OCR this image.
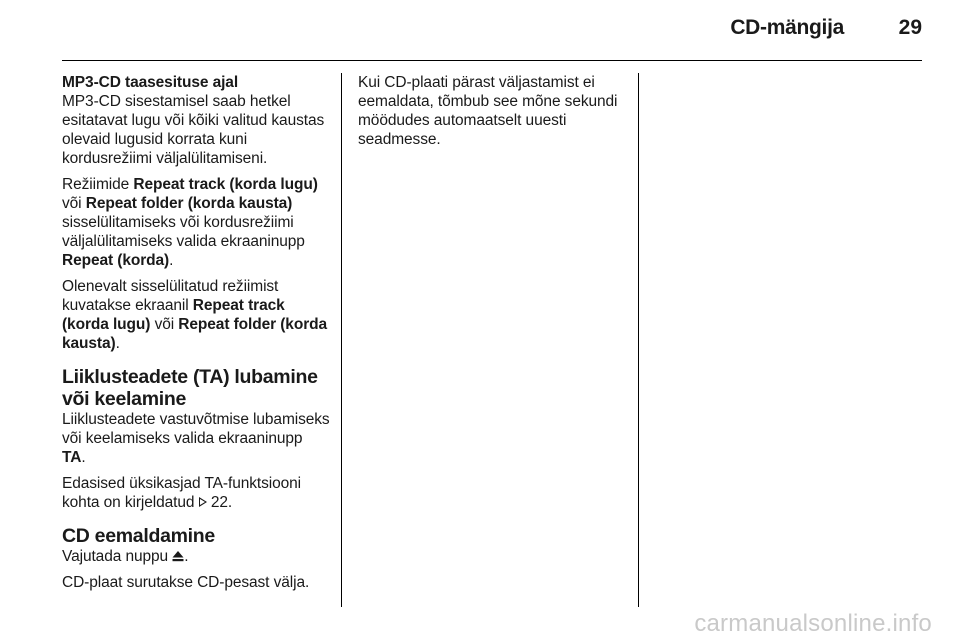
CD-mängija	29
MP3-CD taasesituse ajal

MP3-CD sisestamisel saab hetkel esitatavat lugu või kõiki valitud kaustas olevaid lugusid korrata kuni kordusrežiimi väljalülitamiseni.

Režiimide Repeat track (korda lugu) või Repeat folder (korda kausta) sisselülitamiseks või kordusrežiimi väljalülitamiseks valida ekraaninupp Repeat (korda).

Olenevalt sisselülitatud režiimist kuvatakse ekraanil Repeat track (korda lugu) või Repeat folder (korda kausta).

Liiklusteadete (TA) lubamine või keelamine

Liiklusteadete vastuvõtmise lubamiseks või keelamiseks valida ekraaninupp TA.

Edasised üksikasjad TA-funktsiooni kohta on kirjeldatud  22.

CD eemaldamine

Vajutada nuppu .

CD-plaat surutakse CD-pesast välja.

Kui CD-plaati pärast väljastamist ei eemaldata, tõmbub see mõne sekundi möödudes automaatselt uuesti seadmesse.

carmanualsonline.info
